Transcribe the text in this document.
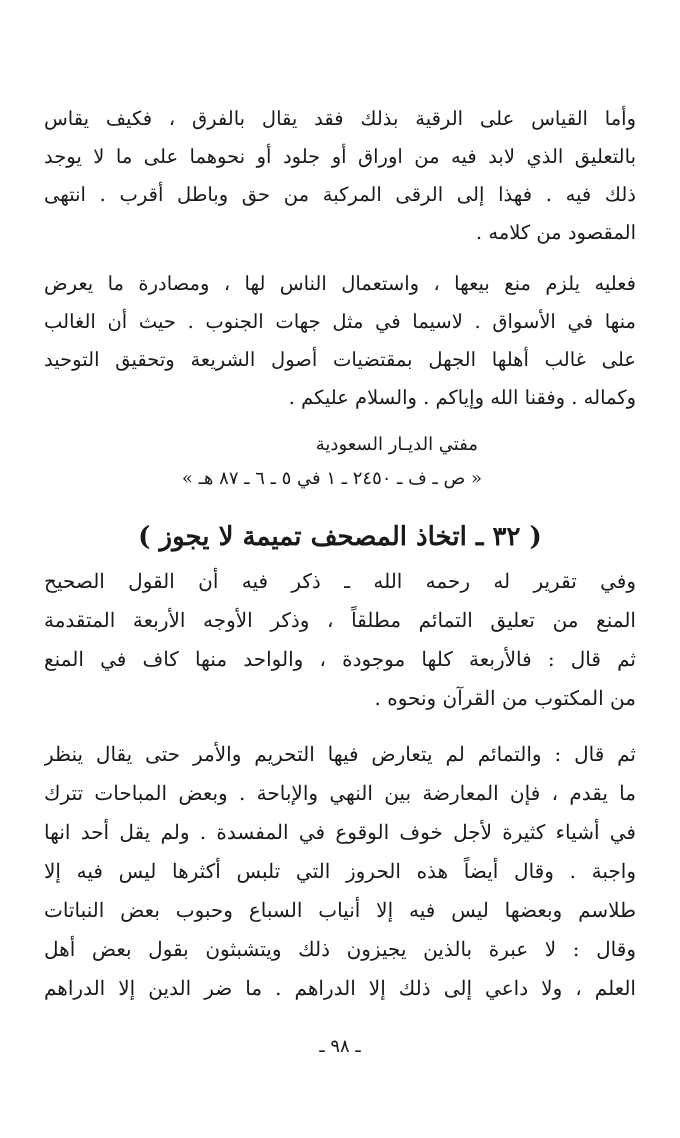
وأما القياس على الرقية بذلك فقد يقال بالفرق ، فكيف يقاس
بالتعليق الذي لابد فيه من اوراق أو جلود أو نحوهما على ما لا يوجد
ذلك فيه . فهذا إلى الرقى المركبة من حق وباطل أقرب . انتهى
المقصود من كلامه .
فعليه يلزم منع بيعها ، واستعمال الناس لها ، ومصادرة ما يعرض
منها في الأسواق . لاسيما في مثل جهات الجنوب . حيث أن الغالب
على غالب أهلها الجهل بمقتضيات أصول الشريعة وتحقيق التوحيد
وكماله . وفقنا الله وإياكم . والسلام عليكم .
مفتي الديـار السعودية
« ص ـ ف ـ ٢٤٥٠ ـ ١ في ٥ ـ ٦ ـ ٨٧ هـ »
( ٣٢ ـ اتخاذ المصحف تميمة لا يجوز )
وفي تقرير له رحمه الله ـ ذكر فيه أن القول الصحيح
المنع من تعليق التمائم مطلقاً ، وذكر الأوجه الأربعة المتقدمة
ثم قال : فالأربعة كلها موجودة ، والواحد منها كاف في المنع
من المكتوب من القرآن ونحوه .
ثم قال : والتمائم لم يتعارض فيها التحريم والأمر حتى يقال ينظر
ما يقدم ، فإن المعارضة بين النهي والإباحة . وبعض المباحات تترك
في أشياء كثيرة لأجل خوف الوقوع في المفسدة . ولم يقل أحد انها
واجبة . وقال أيضاً هذه الحروز التي تلبس أكثرها ليس فيه إلا
طلاسم وبعضها ليس فيه إلا أنياب السباع وحبوب بعض النباتات
وقال : لا عبرة بالذين يجيزون ذلك ويتشبثون بقول بعض أهل
العلم ، ولا داعي إلى ذلك إلا الدراهم . ما ضر الدين إلا الدراهم
ـ ٩٨ ـ
